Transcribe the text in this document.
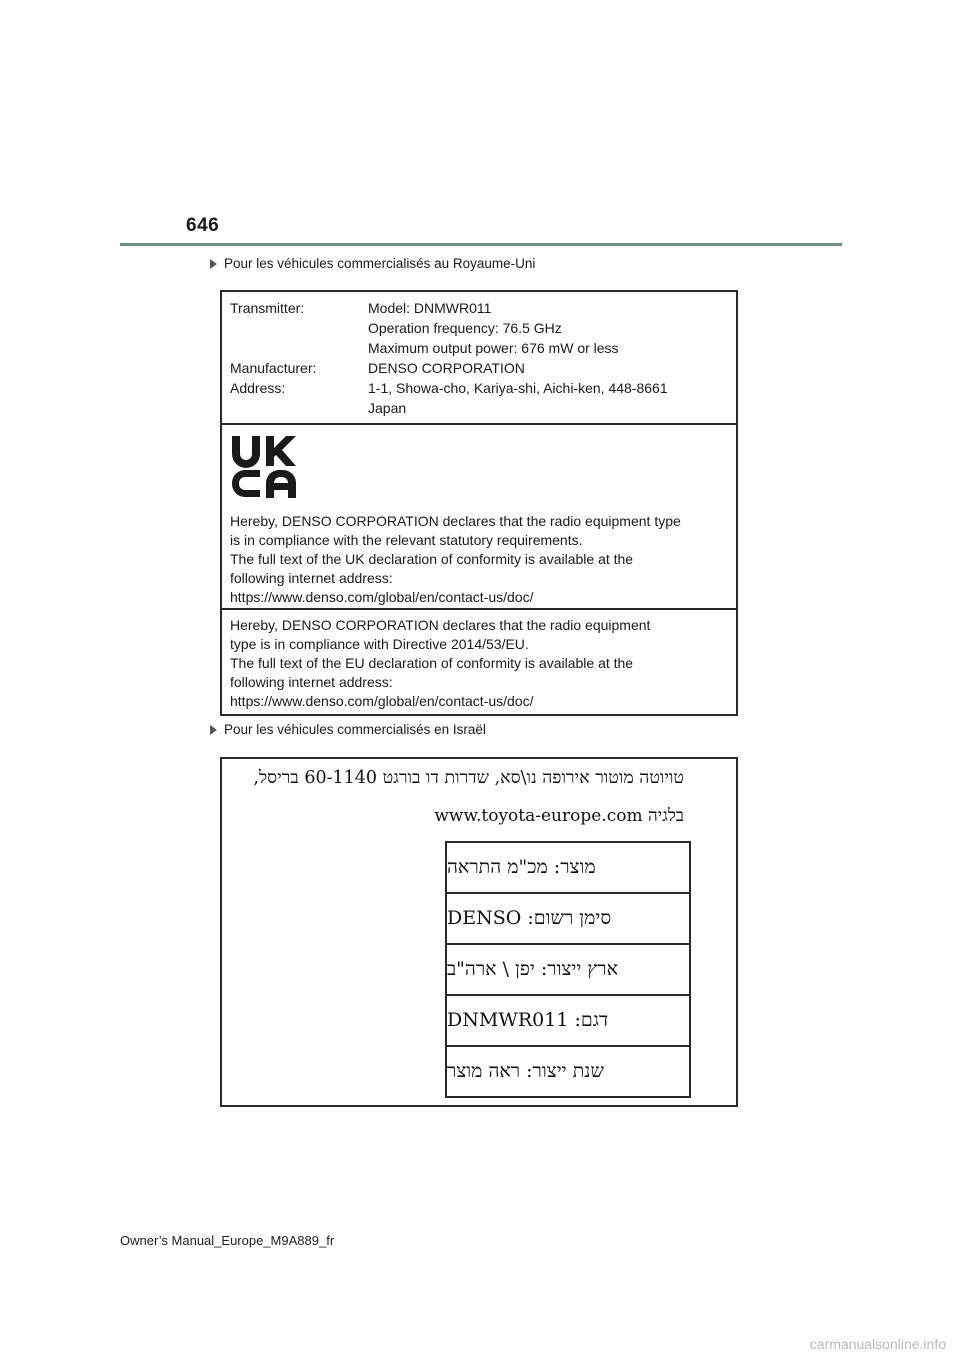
646
Pour les véhicules commercialisés au Royaume-Uni
Transmitter:	Model: DNMWR011
Operation frequency: 76.5 GHz
Maximum output power: 676 mW or less
Manufacturer:	DENSO CORPORATION
Address:	1-1, Showa-cho, Kariya-shi, Aichi-ken, 448-8661
Japan

Hereby, DENSO CORPORATION declares that the radio equipment type

is in compliance with the relevant statutory requirements.

The full text of the UK declaration of conformity is available at the

following internet address:

https://www.denso.com/global/en/contact-us/doc/

Hereby, DENSO CORPORATION declares that the radio equipment

type is in compliance with Directive 2014/53/EU.

The full text of the EU declaration of conformity is available at the

following internet address:

https://www.denso.com/global/en/contact-us/doc/

Pour les véhicules commercialisés en Israël
טויוטה מוטור אירופה נו\סא, שדרות דו בורגט 60-1140 בריסל,
בלגיה www.toyota-europe.com
מוצר: מכ"מ התראה
סימן רשום: DENSO
ארץ ייצור: יפן \ ארה"ב
דגם: DNMWR011
שנת ייצור: ראה מוצר
Owner’s Manual_Europe_M9A889_fr
carmanualsonline.info
